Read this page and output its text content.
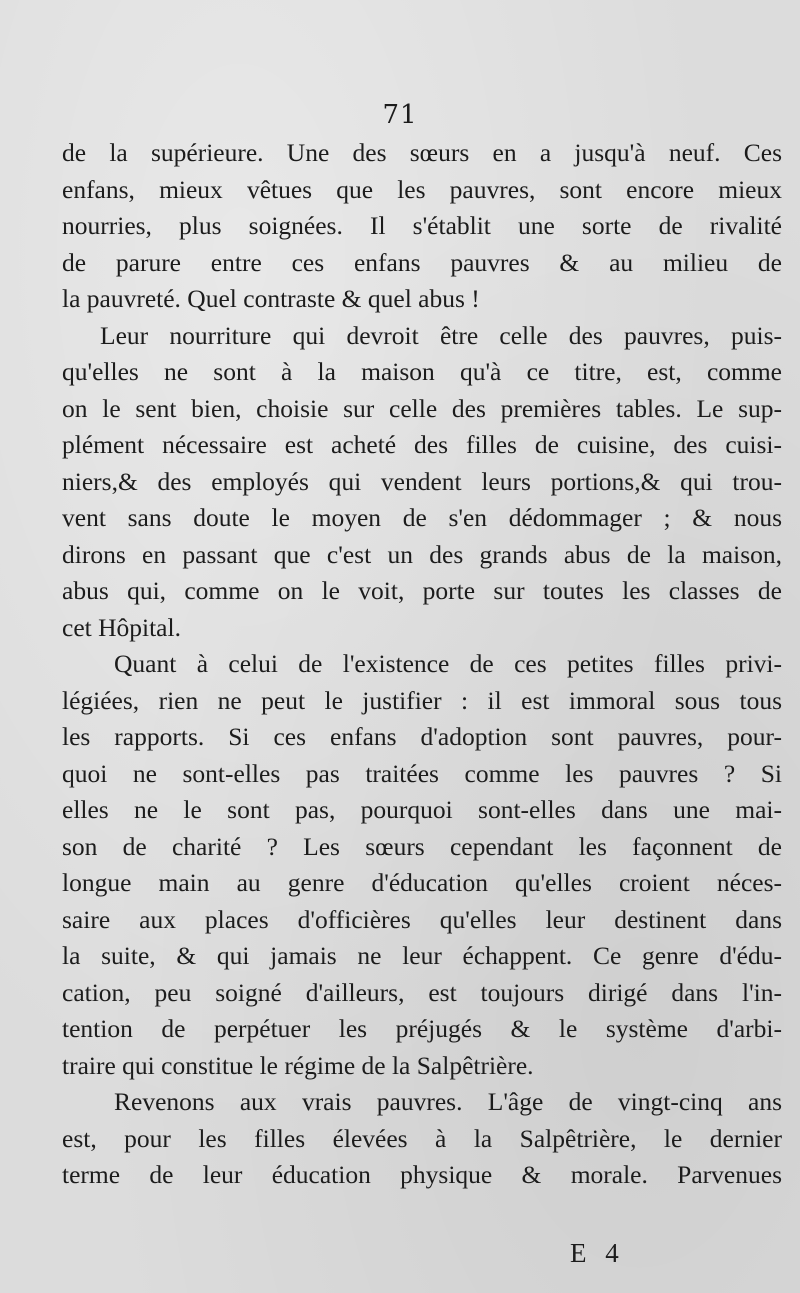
71
de la supérieure. Une des sœurs en a jusqu'à neuf. Ces
enfans, mieux vêtues que les pauvres, sont encore mieux
nourries, plus soignées. Il s'établit une sorte de rivalité
de parure entre ces enfans pauvres & au milieu de
la pauvreté. Quel contraste & quel abus !
Leur nourriture qui devroit être celle des pauvres, puis-
qu'elles ne sont à la maison qu'à ce titre, est, comme
on le sent bien, choisie sur celle des premières tables. Le sup-
plément nécessaire est acheté des filles de cuisine, des cuisi-
niers,& des employés qui vendent leurs portions,& qui trou-
vent sans doute le moyen de s'en dédommager ; & nous
dirons en passant que c'est un des grands abus de la maison,
abus qui, comme on le voit, porte sur toutes les classes de
cet Hôpital.
Quant à celui de l'existence de ces petites filles privi-
légiées, rien ne peut le justifier : il est immoral sous tous
les rapports. Si ces enfans d'adoption sont pauvres, pour-
quoi ne sont-elles pas traitées comme les pauvres ? Si
elles ne le sont pas, pourquoi sont-elles dans une mai-
son de charité ? Les sœurs cependant les façonnent de
longue main au genre d'éducation qu'elles croient néces-
saire aux places d'officières qu'elles leur destinent dans
la suite, & qui jamais ne leur échappent. Ce genre d'édu-
cation, peu soigné d'ailleurs, est toujours dirigé dans l'in-
tention de perpétuer les préjugés & le système d'arbi-
traire qui constitue le régime de la Salpêtrière.
Revenons aux vrais pauvres. L'âge de vingt-cinq ans
est, pour les filles élevées à la Salpêtrière, le dernier
terme de leur éducation physique & morale. Parvenues
E 4
